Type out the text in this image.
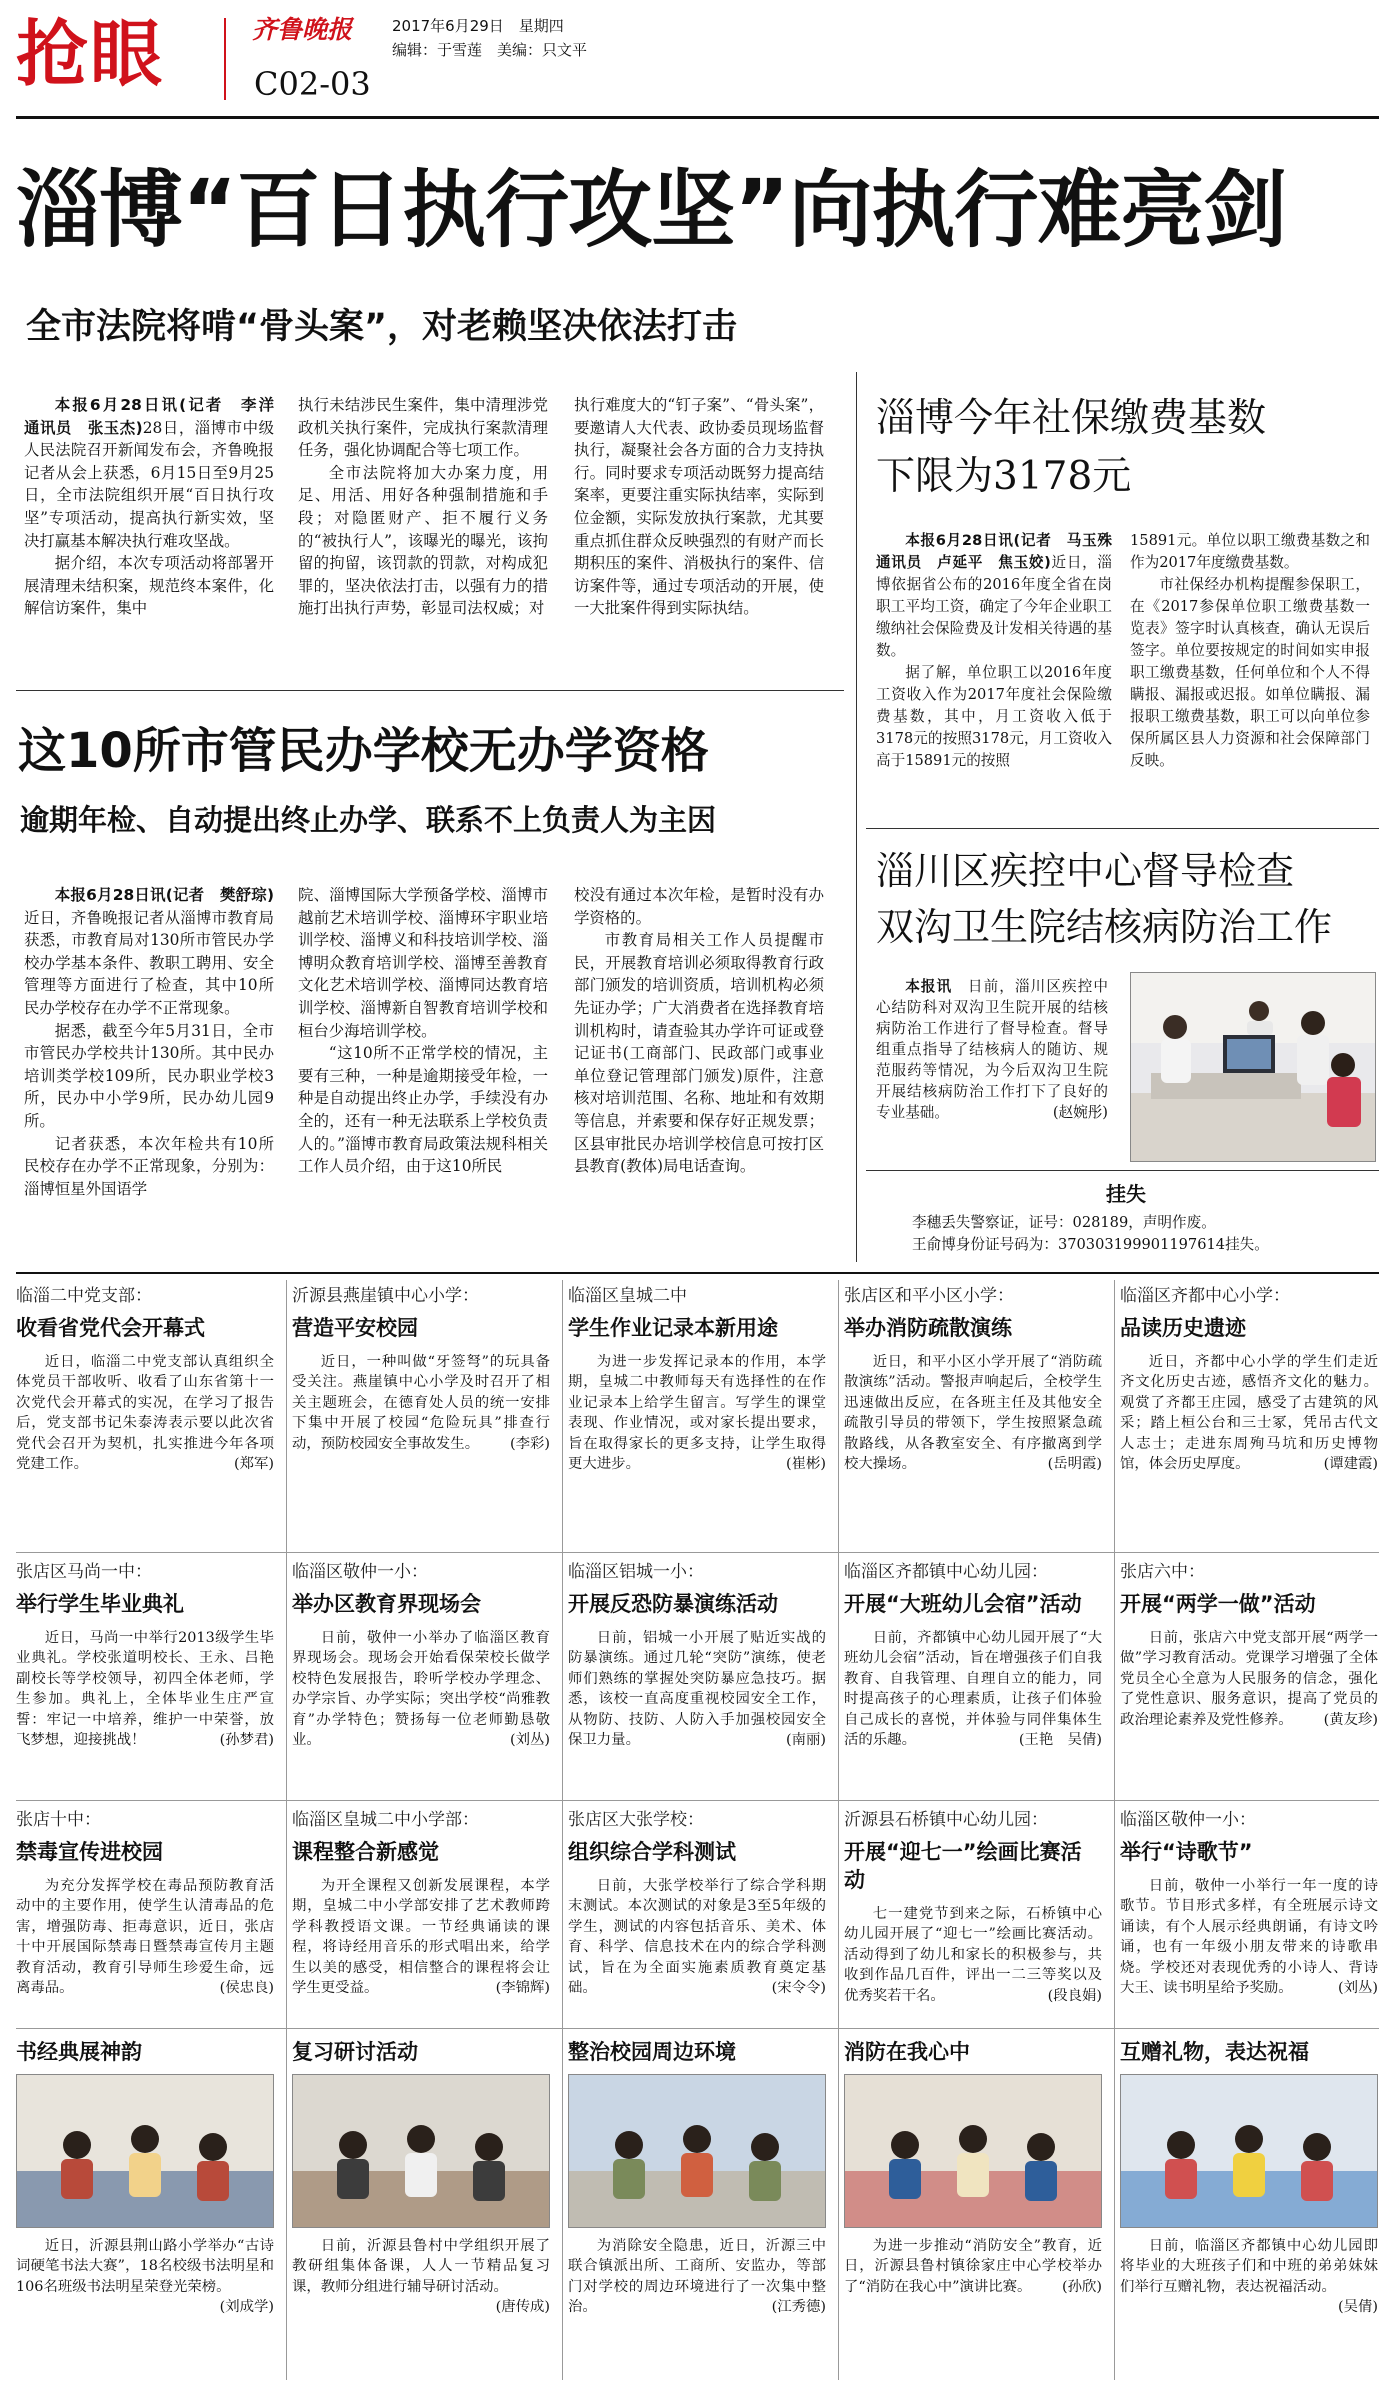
抢眼	齐鲁晚报	2017年6月29日　星期四
编辑：于雪莲　美编：只文平
C02-03
淄博“百日执行攻坚”向执行难亮剑
全市法院将啃“骨头案”，对老赖坚决依法打击

本报6月28日讯(记者　李洋　通讯员　张玉杰)28日，淄博市中级人民法院召开新闻发布会，齐鲁晚报记者从会上获悉，6月15日至9月25日，全市法院组织开展“百日执行攻坚”专项活动，提高执行新实效，坚决打赢基本解决执行难攻坚战。

据介绍，本次专项活动将部署开展清理未结积案，规范终本案件，化解信访案件，集中

执行未结涉民生案件，集中清理涉党政机关执行案件，完成执行案款清理任务，强化协调配合等七项工作。

全市法院将加大办案力度，用足、用活、用好各种强制措施和手段；对隐匿财产、拒不履行义务的“被执行人”，该曝光的曝光，该拘留的拘留，该罚款的罚款，对构成犯罪的，坚决依法打击，以强有力的措施打出执行声势，彰显司法权威；对

执行难度大的“钉子案”、“骨头案”，要邀请人大代表、政协委员现场监督执行，凝聚社会各方面的合力支持执行。同时要求专项活动既努力提高结案率，更要注重实际执结率，实际到位金额，实际发放执行案款，尤其要重点抓住群众反映强烈的有财产而长期积压的案件、消极执行的案件、信访案件等，通过专项活动的开展，使一大批案件得到实际执结。

这10所市管民办学校无办学资格
逾期年检、自动提出终止办学、联系不上负责人为主因

本报6月28日讯(记者　樊舒琮)近日，齐鲁晚报记者从淄博市教育局获悉，市教育局对130所市管民办学校办学基本条件、教职工聘用、安全管理等方面进行了检查，其中10所民办学校存在办学不正常现象。

据悉，截至今年5月31日，全市市管民办学校共计130所。其中民办培训类学校109所，民办职业学校3所，民办中小学9所，民办幼儿园9所。

记者获悉，本次年检共有10所民校存在办学不正常现象，分别为：淄博恒星外国语学

院、淄博国际大学预备学校、淄博市越前艺术培训学校、淄博环宇职业培训学校、淄博义和科技培训学校、淄博明众教育培训学校、淄博至善教育文化艺术培训学校、淄博同达教育培训学校、淄博新自智教育培训学校和桓台少海培训学校。

“这10所不正常学校的情况，主要有三种，一种是逾期接受年检，一种是自动提出终止办学，手续没有办全的，还有一种无法联系上学校负责人的。”淄博市教育局政策法规科相关工作人员介绍，由于这10所民

校没有通过本次年检，是暂时没有办学资格的。

市教育局相关工作人员提醒市民，开展教育培训必须取得教育行政部门颁发的培训资质，培训机构必须先证办学；广大消费者在选择教育培训机构时，请查验其办学许可证或登记证书(工商部门、民政部门或事业单位登记管理部门颁发)原件，注意核对培训范围、名称、地址和有效期等信息，并索要和保存好正规发票；区县审批民办培训学校信息可按打区县教育(教体)局电话查询。

淄博今年社保缴费基数
下限为3178元

本报6月28日讯(记者　马玉殊　通讯员　卢延平　焦玉姣)近日，淄博依据省公布的2016年度全省在岗职工平均工资，确定了今年企业职工缴纳社会保险费及计发相关待遇的基数。

据了解，单位职工以2016年度工资收入作为2017年度社会保险缴费基数，其中，月工资收入低于3178元的按照3178元，月工资收入高于15891元的按照

15891元。单位以职工缴费基数之和作为2017年度缴费基数。

市社保经办机构提醒参保职工，在《2017参保单位职工缴费基数一览表》签字时认真核查，确认无误后签字。单位要按规定的时间如实申报职工缴费基数，任何单位和个人不得瞒报、漏报或迟报。如单位瞒报、漏报职工缴费基数，职工可以向单位参保所属区县人力资源和社会保障部门反映。

淄川区疾控中心督导检查
双沟卫生院结核病防治工作

本报讯　 日前，淄川区疾控中心结防科对双沟卫生院开展的结核病防治工作进行了督导检查。督导组重点指导了结核病人的随访、规范服药等情况，为今后双沟卫生院开展结核病防治工作打下了良好的专业基础。	(赵婉彤)

挂失
李穗丢失警察证，证号：028189，声明作废。
王俞博身份证号码为：370303199901197614挂失。
临淄二中党支部：
收看省党代会开幕式
近日，临淄二中党支部认真组织全体党员干部收听、收看了山东省第十一次党代会开幕式的实况，在学习了报告后，党支部书记朱泰涛表示要以此次省党代会召开为契机，扎实推进今年各项党建工作。	(郑军)
沂源县燕崖镇中心小学：
营造平安校园
近日，一种叫做“牙签弩”的玩具备受关注。燕崖镇中心小学及时召开了相关主题班会，在德育处人员的统一安排下集中开展了校园“危险玩具”排查行动，预防校园安全事故发生。	(李彩)
临淄区皇城二中
学生作业记录本新用途
为进一步发挥记录本的作用，本学期，皇城二中教师每天有选择性的在作业记录本上给学生留言。写学生的课堂表现、作业情况，或对家长提出要求，旨在取得家长的更多支持，让学生取得更大进步。	(崔彬)
张店区和平小区小学：
举办消防疏散演练
近日，和平小区小学开展了“消防疏散演练”活动。警报声响起后，全校学生迅速做出反应，在各班主任及其他安全疏散引导员的带领下，学生按照紧急疏散路线，从各教室安全、有序撤离到学校大操场。	(岳明霞)
临淄区齐都中心小学：
品读历史遗迹
近日，齐都中心小学的学生们走近齐文化历史古迹，感悟齐文化的魅力。观赏了齐都王庄园，感受了古建筑的风采；踏上桓公台和三士冢，凭吊古代文人志士；走进东周殉马坑和历史博物馆，体会历史厚度。	(谭建霞)
张店区马尚一中：
举行学生毕业典礼
近日，马尚一中举行2013级学生毕业典礼。学校张道明校长、王永、吕艳副校长等学校领导，初四全体老师，学生参加。典礼上，全体毕业生庄严宣誓：牢记一中培养，维护一中荣誉，放飞梦想，迎接挑战！	(孙梦君)
临淄区敬仲一小：
举办区教育界现场会
日前，敬仲一小举办了临淄区教育界现场会。现场会开始看保荣校长做学校特色发展报告，聆听学校办学理念、办学宗旨、办学实际；突出学校“尚雅教育”办学特色；赞扬每一位老师勤恳敬业。	(刘丛)
临淄区铝城一小：
开展反恐防暴演练活动
日前，铝城一小开展了贴近实战的防暴演练。通过几轮“突防”演练，使老师们熟练的掌握处突防暴应急技巧。据悉，该校一直高度重视校园安全工作，从物防、技防、人防入手加强校园安全保卫力量。	(南丽)
临淄区齐都镇中心幼儿园：
开展“大班幼儿会宿”活动
日前，齐都镇中心幼儿园开展了“大班幼儿会宿”活动，旨在增强孩子们自我教育、自我管理、自理自立的能力，同时提高孩子的心理素质，让孩子们体验自己成长的喜悦，并体验与同伴集体生活的乐趣。	(王艳　吴倩)
张店六中：
开展“两学一做”活动
日前，张店六中党支部开展“两学一做”学习教育活动。党课学习增强了全体党员全心全意为人民服务的信念，强化了党性意识、服务意识，提高了党员的政治理论素养及党性修养。	(黄友珍)
张店十中：
禁毒宣传进校园
为充分发挥学校在毒品预防教育活动中的主要作用，使学生认清毒品的危害，增强防毒、拒毒意识，近日，张店十中开展国际禁毒日暨禁毒宣传月主题教育活动，教育引导师生珍爱生命，远离毒品。	(侯忠良)
临淄区皇城二中小学部：
课程整合新感觉
为开全课程又创新发展课程，本学期，皇城二中小学部安排了艺术教师跨学科教授语文课。一节经典诵读的课程，将诗经用音乐的形式唱出来，给学生以美的感受，相信整合的课程将会让学生更受益。	(李锦辉)
张店区大张学校：
组织综合学科测试
日前，大张学校举行了综合学科期末测试。本次测试的对象是3至5年级的学生，测试的内容包括音乐、美术、体育、科学、信息技术在内的综合学科测试，旨在为全面实施素质教育奠定基础。	(宋令令)
沂源县石桥镇中心幼儿园：
开展“迎七一”绘画比赛活动
七一建党节到来之际，石桥镇中心幼儿园开展了“迎七一”绘画比赛活动。活动得到了幼儿和家长的积极参与，共收到作品几百件，评出一二三等奖以及优秀奖若干名。	(段良娟)
临淄区敬仲一小：
举行“诗歌节”
日前，敬仲一小举行一年一度的诗歌节。节目形式多样，有全班展示诗文诵读，有个人展示经典朗诵，有诗文吟诵，也有一年级小朋友带来的诗歌串烧。学校还对表现优秀的小诗人、背诗大王、读书明星给予奖励。	(刘丛)
书经典展神韵
近日，沂源县荆山路小学举办“古诗词硬笔书法大赛”，18名校级书法明星和106名班级书法明星荣登光荣榜。
(刘成学)
复习研讨活动
日前，沂源县鲁村中学组织开展了教研组集体备课，人人一节精品复习课，教师分组进行辅导研讨活动。
(唐传成)
整治校园周边环境
为消除安全隐患，近日，沂源三中联合镇派出所、工商所、安监办，等部门对学校的周边环境进行了一次集中整治。	(江秀德)
消防在我心中
为进一步推动“消防安全”教育，近日，沂源县鲁村镇徐家庄中心学校举办了“消防在我心中”演讲比赛。	(孙欣)
互赠礼物，表达祝福
日前，临淄区齐都镇中心幼儿园即将毕业的大班孩子们和中班的弟弟妹妹们举行互赠礼物，表达祝福活动。
(吴倩)
